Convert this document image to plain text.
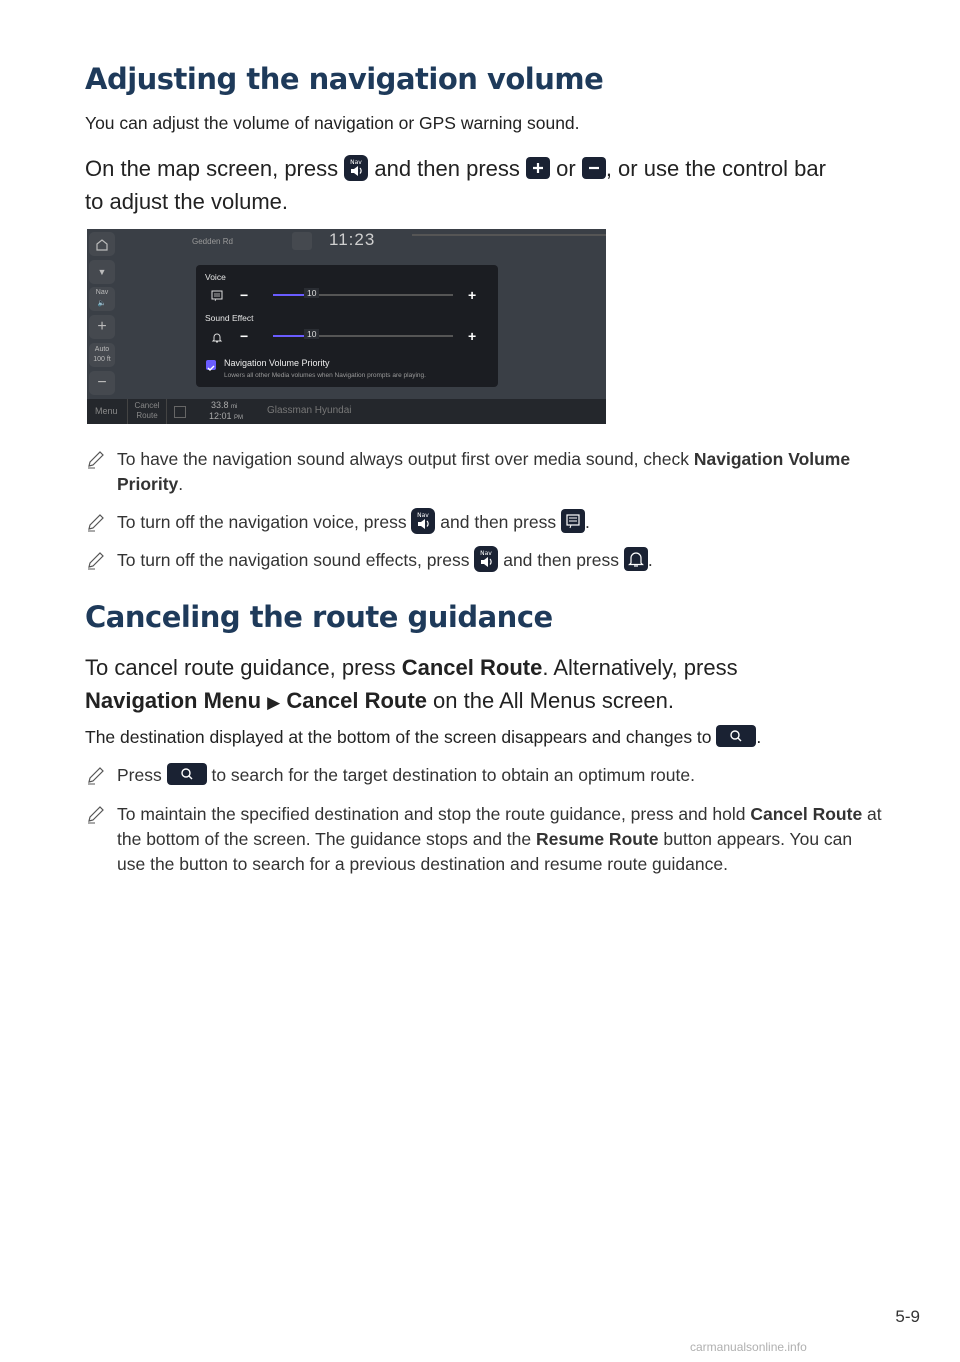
Adjusting the navigation volume
You can adjust the volume of navigation or GPS warning sound.
On the map screen, press Nav and then press
or
, or use the control bar
to adjust the volume.
Gedden Rd	11:23
▼
Nav
🔈
+
Auto
100 ft
−
Voice
−	10	+
Sound Effect
−	10	+
Navigation Volume Priority
Lowers all other Media volumes when Navigation prompts are playing.
Menu
Cancel Route
33.8 mi
12:01 PM
Glassman Hyundai
To have the navigation sound always output first over media sound, check Navigation Volume Priority.
To turn off the navigation voice, press Nav and then press
.
To turn off the navigation sound effects, press Nav and then press
.
Canceling the route guidance
To cancel route guidance, press Cancel Route. Alternatively, press
Navigation Menu ▶ Cancel Route on the All Menus screen.
The destination displayed at the bottom of the screen disappears and changes to
.
Press
to search for the target destination to obtain an optimum route.
To maintain the specified destination and stop the route guidance, press and hold Cancel Route at the bottom of the screen. The guidance stops and the Resume Route button appears. You can use the button to search for a previous destination and resume route guidance.
5-9
carmanualsonline.info
